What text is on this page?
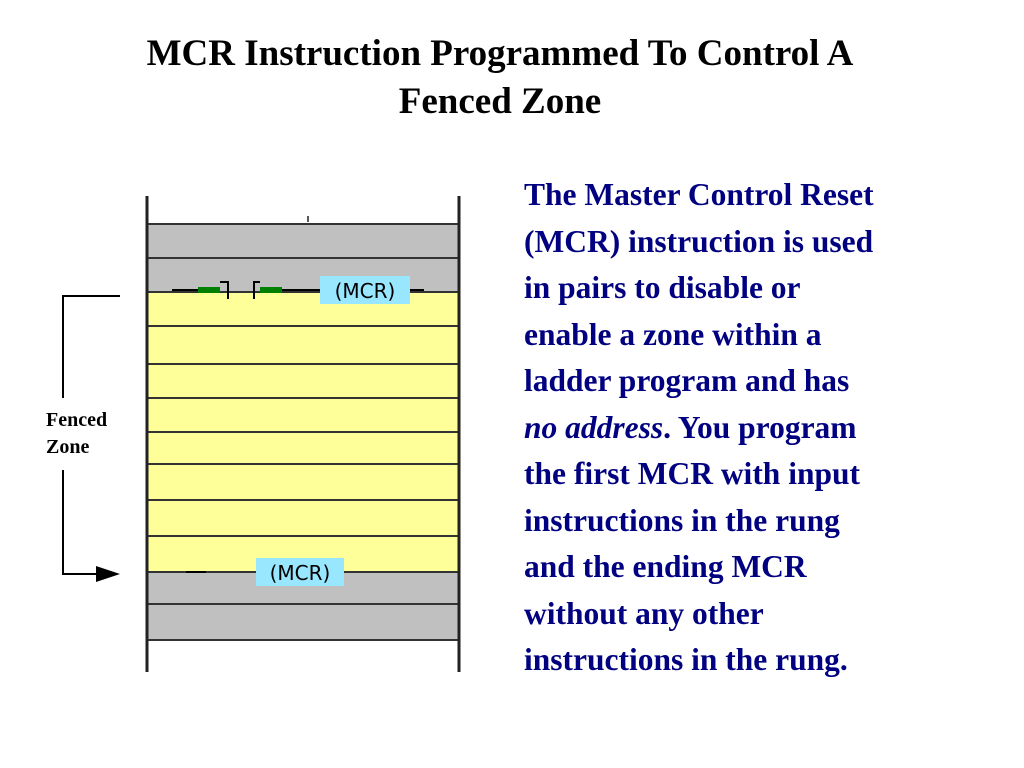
MCR Instruction Programmed To Control A
Fenced Zone
(MCR)
(MCR)
Fenced
Zone
The Master Control Reset
(MCR) instruction is used
in pairs to disable or
enable a zone within a
ladder program and has
no address. You program
the first MCR with input
instructions in the rung
and the ending MCR
without any other
instructions in the rung.
